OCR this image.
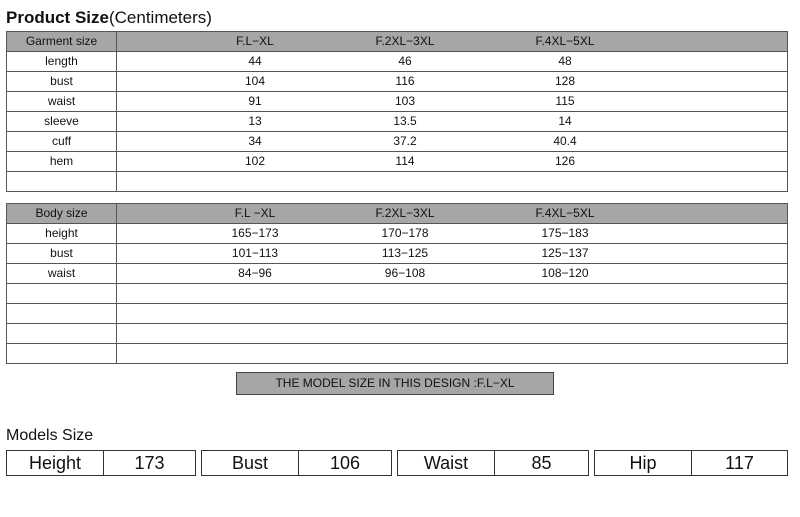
Product Size(Centimeters)
Garment size	F.L−XL F.2XL−3XL F.4XL−5XL

length	44 46 48

bust	104 116 128

waist	91 103 115

sleeve	13 13.5 14

cuff	34 37.2 40.4

hem	102 114 126

Body size	F.L −XL F.2XL−3XL F.4XL−5XL

height	165−173 170−178 175−183

bust	101−113 113−125 125−137

waist	84−96 96−108 108−120

THE MODEL SIZE IN THIS DESIGN :F.L−XL
Models Size
Height	173	Bust	106	Waist	85	Hip	117
